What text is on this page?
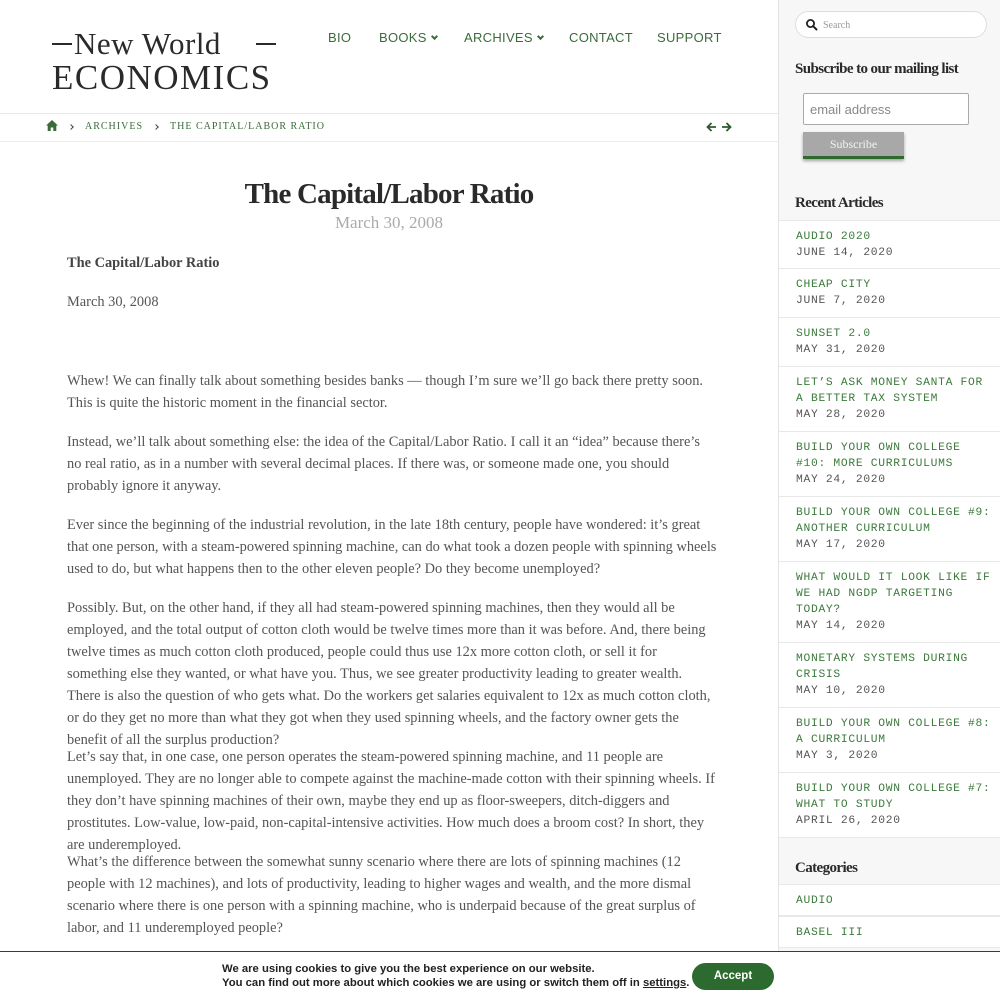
New World
ECONOMICS
BIO BOOKS	ARCHIVES	CONTACT SUPPORT
ARCHIVES	THE CAPITAL/LABOR RATIO
The Capital/Labor Ratio
March 30, 2008

The Capital/Labor Ratio

March 30, 2008

Whew! We can finally talk about something besides banks — though I’m sure we’ll go back there pretty soon. This is quite the historic moment in the financial sector.

Instead, we’ll talk about something else: the idea of the Capital/Labor Ratio. I call it an “idea” because there’s no real ratio, as in a number with several decimal places. If there was, or someone made one, you should probably ignore it anyway.

Ever since the beginning of the industrial revolution, in the late 18th century, people have wondered: it’s great that one person, with a steam-powered spinning machine, can do what took a dozen people with spinning wheels used to do, but what happens then to the other eleven people? Do they become unemployed?

Possibly. But, on the other hand, if they all had steam-powered spinning machines, then they would all be employed, and the total output of cotton cloth would be twelve times more than it was before. And, there being twelve times as much cotton cloth produced, people could thus use 12x more cotton cloth, or sell it for something else they wanted, or what have you. Thus, we see greater productivity leading to greater wealth. There is also the question of who gets what. Do the workers get salaries equivalent to 12x as much cotton cloth, or do they get no more than what they got when they used spinning wheels, and the factory owner gets the benefit of all the surplus production?

Let’s say that, in one case, one person operates the steam-powered spinning machine, and 11 people are unemployed. They are no longer able to compete against the machine-made cotton with their spinning wheels. If they don’t have spinning machines of their own, maybe they end up as floor-sweepers, ditch-diggers and prostitutes. Low-value, low-paid, non-capital-intensive activities. How much does a broom cost? In short, they are underemployed.

What’s the difference between the somewhat sunny scenario where there are lots of spinning machines (12 people with 12 machines), and lots of productivity, leading to higher wages and wealth, and the more dismal scenario where there is one person with a spinning machine, who is underpaid because of the great surplus of labor, and 11 underemployed people?

Search
Subscribe to our mailing list
email address
Subscribe
Recent Articles
AUDIO 2020
JUNE 14, 2020
CHEAP CITY
JUNE 7, 2020
SUNSET 2.0
MAY 31, 2020
LET’S ASK MONEY SANTA FOR
A BETTER TAX SYSTEM
MAY 28, 2020
BUILD YOUR OWN COLLEGE
#10: MORE CURRICULUMS
MAY 24, 2020
BUILD YOUR OWN COLLEGE #9:
ANOTHER CURRICULUM
MAY 17, 2020
WHAT WOULD IT LOOK LIKE IF
WE HAD NGDP TARGETING
TODAY?
MAY 14, 2020
MONETARY SYSTEMS DURING
CRISIS
MAY 10, 2020
BUILD YOUR OWN COLLEGE #8:
A CURRICULUM
MAY 3, 2020
BUILD YOUR OWN COLLEGE #7:
WHAT TO STUDY
APRIL 26, 2020
Categories
AUDIO
BASEL III
We are using cookies to give you the best experience on our website.
You can find out more about which cookies we are using or switch them off in settings.
Accept
